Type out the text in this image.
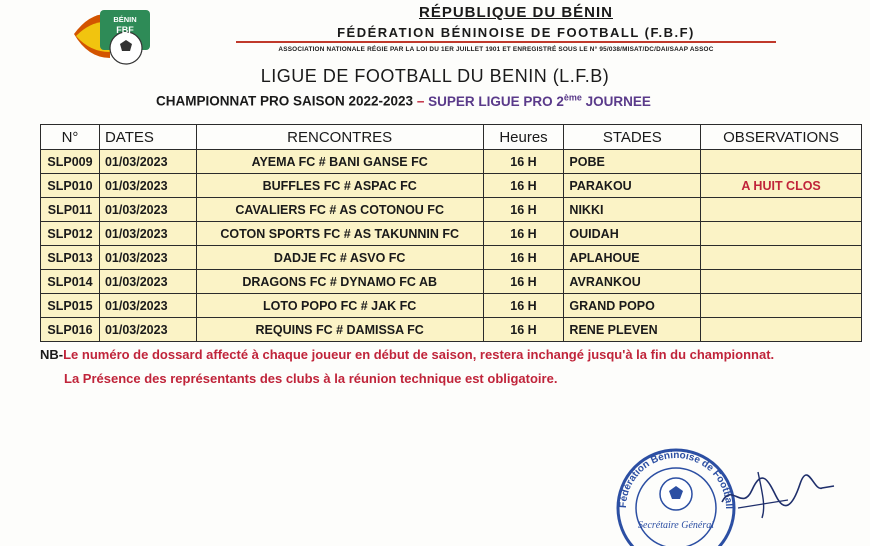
BÉNIN
FBF
RÉPUBLIQUE DU BÉNIN
FÉDÉRATION BÉNINOISE DE FOOTBALL (F.B.F)
ASSOCIATION NATIONALE RÉGIE PAR LA LOI DU 1ER JUILLET 1901 ET ENREGISTRÉ SOUS LE N° 95/038/MISAT/DC/DAI/SAAP ASSOC
LIGUE DE FOOTBALL DU BENIN (L.F.B)
CHAMPIONNAT PRO SAISON 2022-2023 – SUPER LIGUE PRO 2ème JOURNEE
N°	DATES	RENCONTRES	Heures	STADES	OBSERVATIONS
SLP009	01/03/2023	AYEMA FC # BANI GANSE FC	16 H	POBE	
SLP010	01/03/2023	BUFFLES FC # ASPAC FC	16 H	PARAKOU	A HUIT CLOS
SLP011	01/03/2023	CAVALIERS FC # AS COTONOU FC	16 H	NIKKI	
SLP012	01/03/2023	COTON SPORTS FC # AS TAKUNNIN FC	16 H	OUIDAH	
SLP013	01/03/2023	DADJE FC # ASVO FC	16 H	APLAHOUE	
SLP014	01/03/2023	DRAGONS FC # DYNAMO FC AB	16 H	AVRANKOU	
SLP015	01/03/2023	LOTO POPO FC # JAK FC	16 H	GRAND POPO	
SLP016	01/03/2023	REQUINS FC # DAMISSA FC	16 H	RENE PLEVEN	
NB-Le numéro de dossard affecté à chaque joueur en début de saison, restera inchangé jusqu'à la fin du championnat.
La Présence des représentants des clubs à la réunion technique est obligatoire.
Fédération Béninoise de Football
Secrétaire Général
